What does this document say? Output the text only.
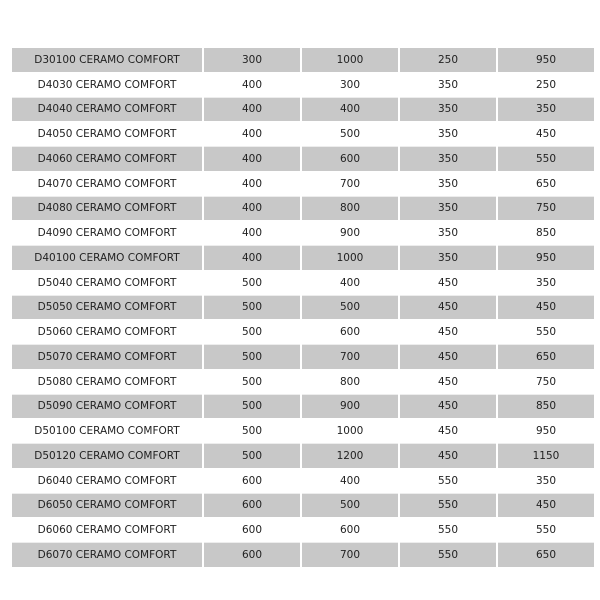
D30100 CERAMO COMFORT	300	1000	250	950
D4030 CERAMO COMFORT	400	300	350	250
D4040 CERAMO COMFORT	400	400	350	350
D4050 CERAMO COMFORT	400	500	350	450
D4060 CERAMO COMFORT	400	600	350	550
D4070 CERAMO COMFORT	400	700	350	650
D4080 CERAMO COMFORT	400	800	350	750
D4090 CERAMO COMFORT	400	900	350	850
D40100 CERAMO COMFORT	400	1000	350	950
D5040 CERAMO COMFORT	500	400	450	350
D5050 CERAMO COMFORT	500	500	450	450
D5060 CERAMO COMFORT	500	600	450	550
D5070 CERAMO COMFORT	500	700	450	650
D5080 CERAMO COMFORT	500	800	450	750
D5090 CERAMO COMFORT	500	900	450	850
D50100 CERAMO COMFORT	500	1000	450	950
D50120 CERAMO COMFORT	500	1200	450	1150
D6040 CERAMO COMFORT	600	400	550	350
D6050 CERAMO COMFORT	600	500	550	450
D6060 CERAMO COMFORT	600	600	550	550
D6070 CERAMO COMFORT	600	700	550	650
